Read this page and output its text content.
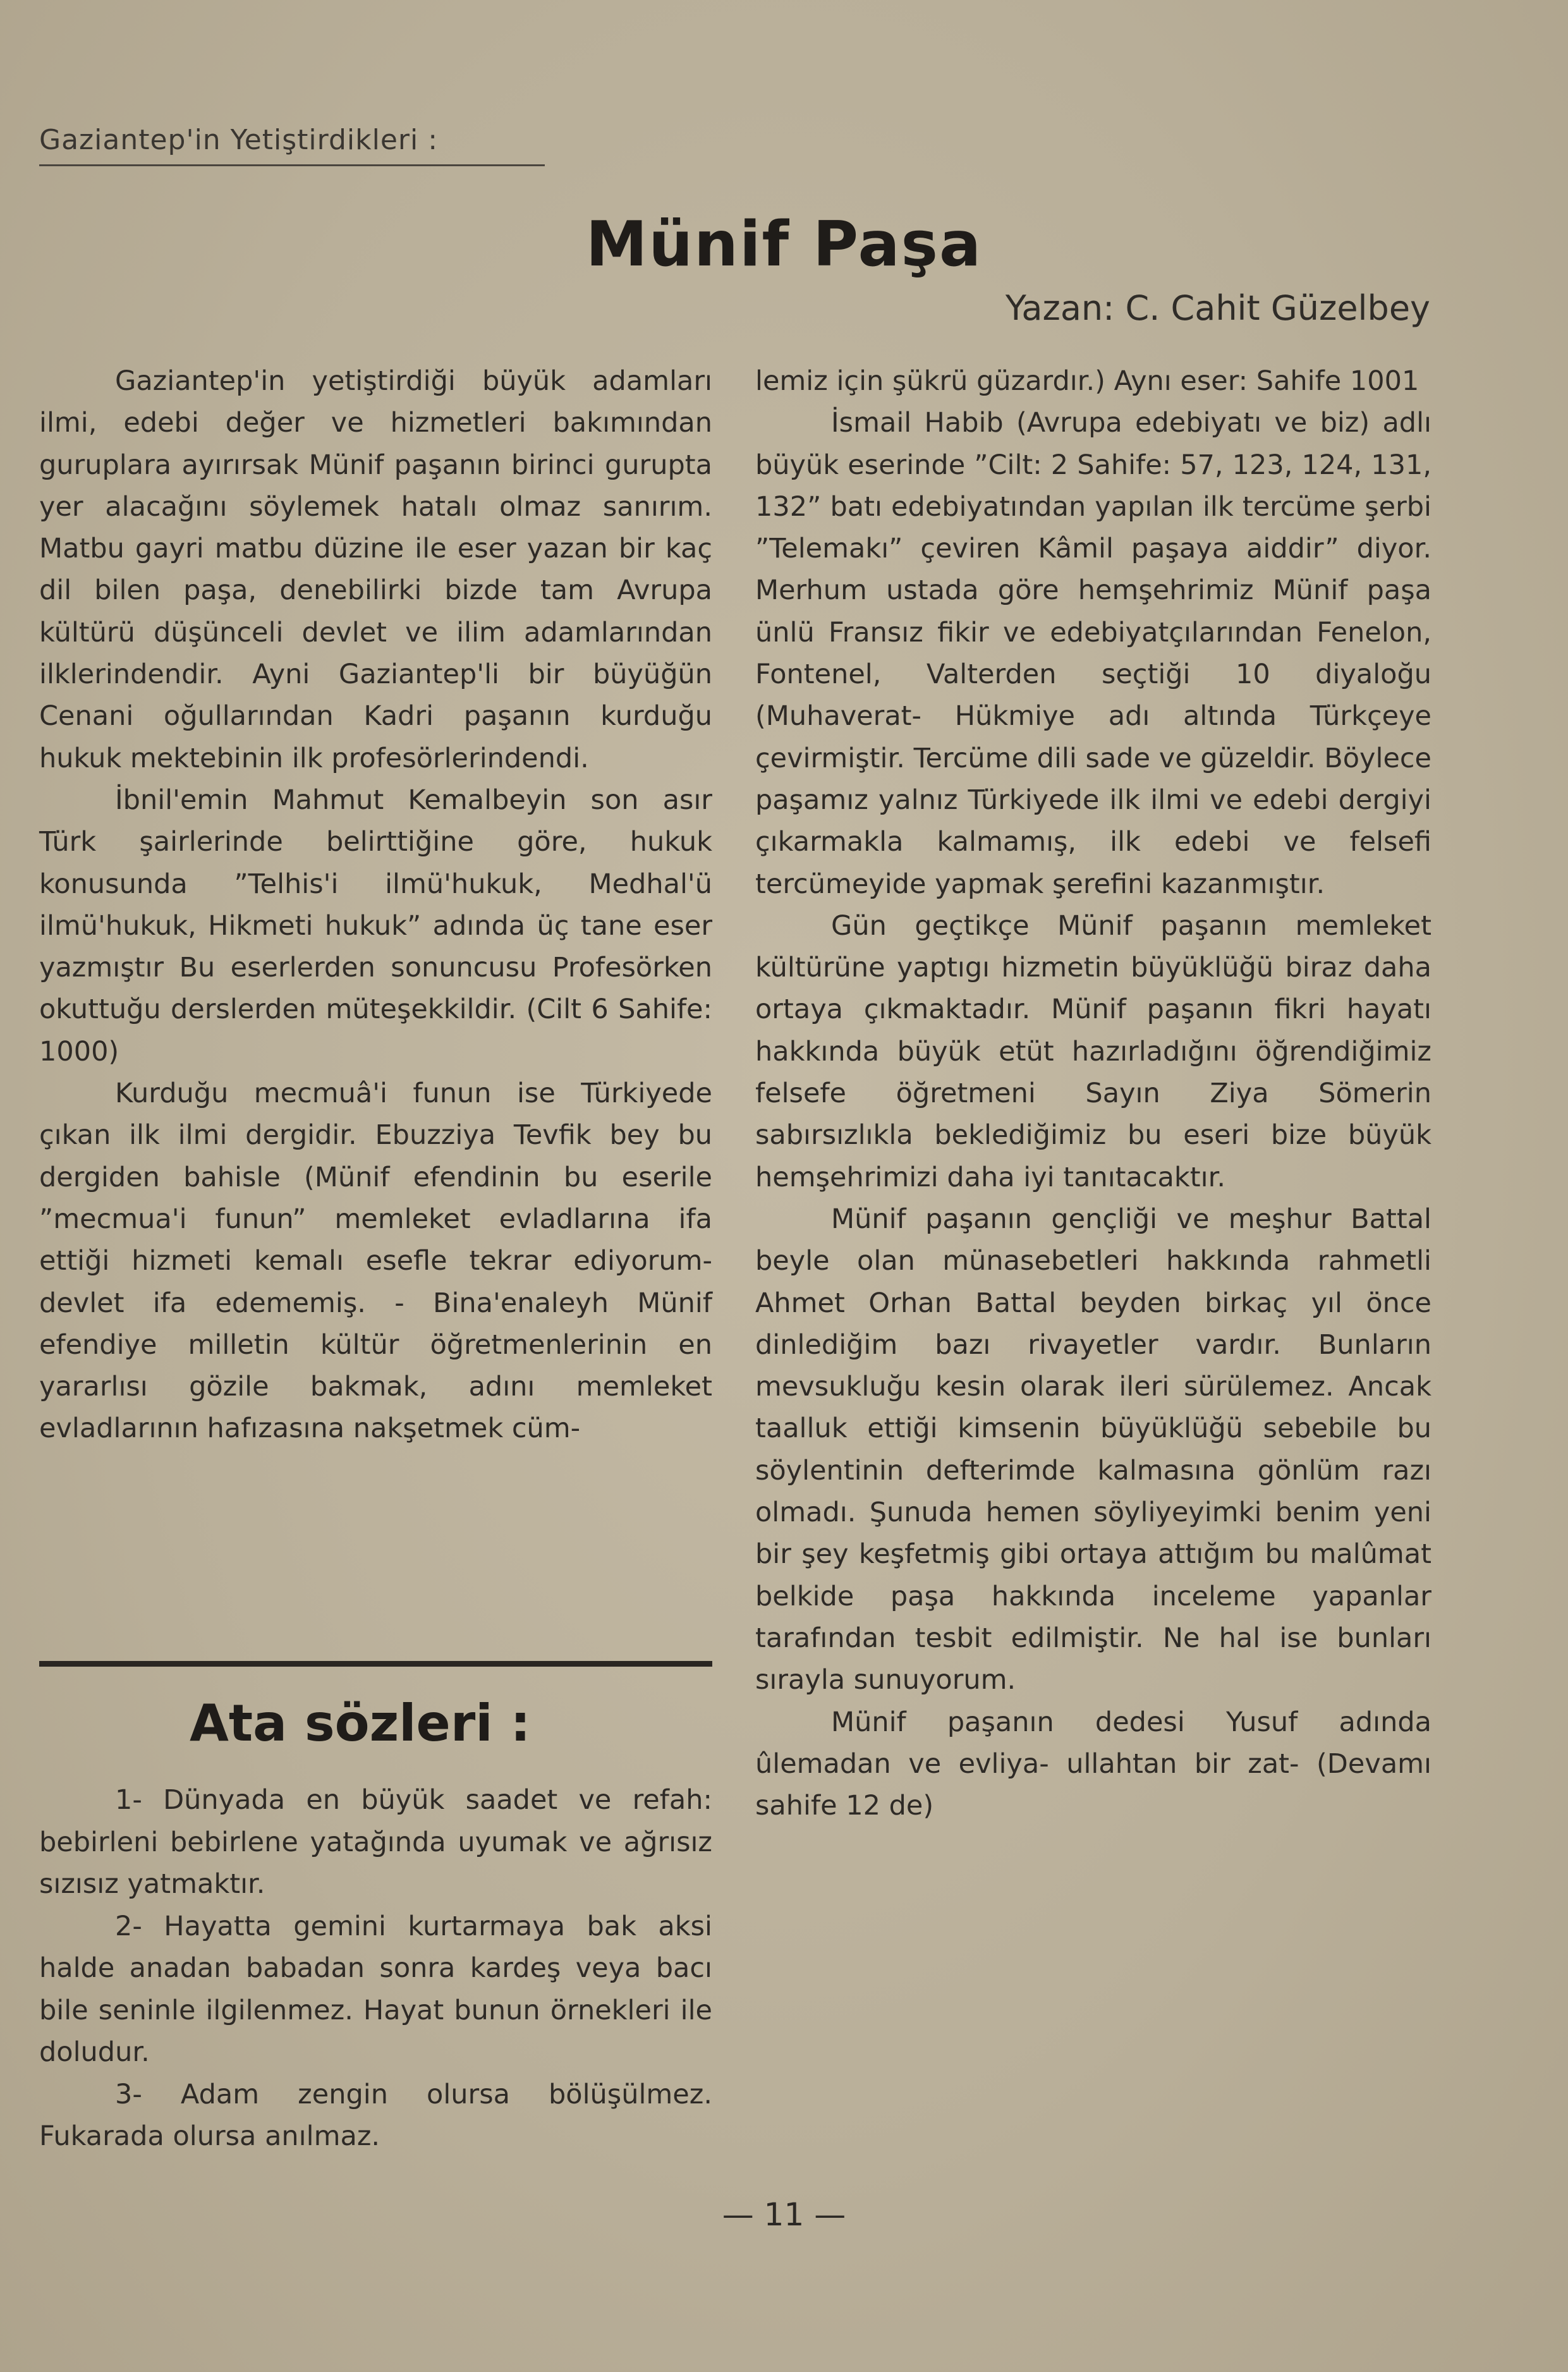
Gaziantep'in Yetiştirdikleri :
Münif Paşa
Yazan: C. Cahit Güzelbey

Gaziantep'in yetiştirdiği büyük adamları ilmi, edebi değer ve hizmetleri bakımından guruplara ayırırsak Münif paşanın birinci gurupta yer alacağını söylemek hatalı olmaz sanırım. Matbu gayri matbu düzine ile eser yazan bir kaç dil bilen paşa, denebilirki bizde tam Avrupa kültürü düşünceli devlet ve ilim adamlarından ilklerindendir. Ayni Gaziantep'li bir büyüğün Cenani oğullarından Kadri paşanın kurduğu hukuk mektebinin ilk profesörlerindendi.

İbnil'emin Mahmut Kemalbeyin son asır Türk şairlerinde belirttiğine göre, hukuk konusunda ”Telhis'i ilmü'hukuk, Medhal'ü ilmü'hukuk, Hikmeti hukuk” adında üç tane eser yazmıştır Bu eserlerden sonuncusu Profesörken okuttuğu derslerden müteşekkildir. (Cilt 6 Sahife: 1000)

Kurduğu mecmuâ'i funun ise Türkiyede çıkan ilk ilmi dergidir. Ebuzziya Tevfik bey bu dergiden bahisle (Münif efendinin bu eserile ”mecmua'i funun” memleket evladlarına ifa ettiği hizmeti kemalı esefle tekrar ediyorum- devlet ifa edememiş. - Bina'enaleyh Münif efendiye milletin kültür öğretmenlerinin en yararlısı gözile bakmak, adını memleket evladlarının hafızasına nakşetmek cüm-

Ata sözleri :

1- Dünyada en büyük saadet ve refah: bebirleni bebirlene yatağında uyumak ve ağrısız sızısız yatmaktır.

2- Hayatta gemini kurtarmaya bak aksi halde anadan babadan sonra kardeş veya bacı bile seninle ilgilenmez. Hayat bunun örnekleri ile doludur.

3- Adam zengin olursa bölüşülmez. Fukarada olursa anılmaz.

lemiz için şükrü güzardır.) Aynı eser: Sahife 1001

İsmail Habib (Avrupa edebiyatı ve biz) adlı büyük eserinde ”Cilt: 2 Sahife: 57, 123, 124, 131, 132” batı edebiyatından yapılan ilk tercüme şerbi ”Telemakı” çeviren Kâmil paşaya aiddir” diyor. Merhum ustada göre hemşehrimiz Münif paşa ünlü Fransız fikir ve edebiyatçılarından Fenelon, Fontenel, Valterden seçtiği 10 diyaloğu (Muhaverat- Hükmiye adı altında Türkçeye çevirmiştir. Tercüme dili sade ve güzeldir. Böylece paşamız yalnız Türkiyede ilk ilmi ve edebi dergiyi çıkarmakla kalmamış, ilk edebi ve felsefi tercümeyide yapmak şerefini kazanmıştır.

Gün geçtikçe Münif paşanın memleket kültürüne yaptıgı hizmetin büyüklüğü biraz daha ortaya çıkmaktadır. Münif paşanın fikri hayatı hakkında büyük etüt hazırladığını öğrendiğimiz felsefe öğretmeni Sayın Ziya Sömerin sabırsızlıkla beklediğimiz bu eseri bize büyük hemşehrimizi daha iyi tanıtacaktır.

Münif paşanın gençliği ve meşhur Battal beyle olan münasebetleri hakkında rahmetli Ahmet Orhan Battal beyden birkaç yıl önce dinlediğim bazı rivayetler vardır. Bunların mevsukluğu kesin olarak ileri sürülemez. Ancak taalluk ettiği kimsenin büyüklüğü sebebile bu söylentinin defterimde kalmasına gönlüm razı olmadı. Şunuda hemen söyliyeyimki benim yeni bir şey keşfetmiş gibi ortaya attığım bu malûmat belkide paşa hakkında inceleme yapanlar tarafından tesbit edilmiştir. Ne hal ise bunları sırayla sunuyorum.

Münif paşanın dedesi Yusuf adında ûlemadan ve evliya- ullahtan bir zat- (Devamı sahife 12 de)

— 11 —
